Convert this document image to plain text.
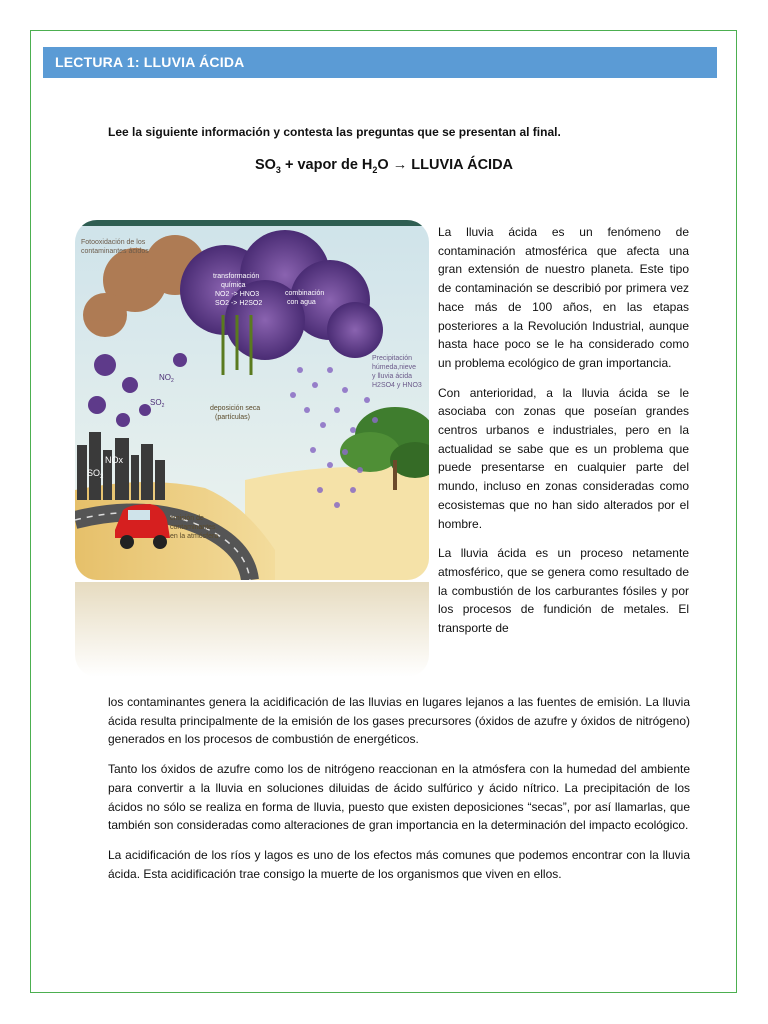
LECTURA 1: LLUVIA ÁCIDA
Lee la siguiente información y contesta las preguntas que se presentan al final.
$SO_3$ + vapor de $H_2O$ → LLUVIA ÁCIDA
Fotooxidación de los
contaminantes ácidos
transformación
química
NO2 -> HNO3
SO2 -> H2SO2
combinación
con agua
Precipitación
húmeda,nieve
y lluvia ácida
H2SO4 y HNO3
deposición seca
(partículas)
emisión de
contaminantes
en la atmósfera
NOx
$SO_2$
$NO_2$
$SO_2$

La lluvia ácida es un fenómeno de contaminación atmosférica que afecta una gran extensión de nuestro planeta. Este tipo de contaminación se describió por primera vez hace más de 100 años, en las etapas posteriores a la Revolución Industrial, aunque hasta hace poco se le ha considerado como un problema ecológico de gran importancia.

Con anterioridad, a la lluvia ácida se le asociaba con zonas que poseían grandes centros urbanos e industriales, pero en la actualidad se sabe que es un problema que puede presentarse en cualquier parte del mundo, incluso en zonas consideradas como ecosistemas que no han sido alterados por el hombre.

La lluvia ácida es un proceso netamente atmosférico, que se genera como resultado de la combustión de los carburantes fósiles y por los procesos de fundición de metales. El transporte de

los contaminantes genera la acidificación de las lluvias en lugares lejanos a las fuentes de emisión. La lluvia ácida resulta principalmente de la emisión de los gases precursores (óxidos de azufre y óxidos de nitrógeno) generados en los procesos de combustión de energéticos.

Tanto los óxidos de azufre como los de nitrógeno reaccionan en la atmósfera con la humedad del ambiente para convertir a la lluvia en soluciones diluidas de ácido sulfúrico y ácido nítrico. La precipitación de los ácidos no sólo se realiza en forma de lluvia, puesto que existen deposiciones “secas”, por así llamarlas, que también son consideradas como alteraciones de gran importancia en la determinación del impacto ecológico.

La acidificación de los ríos y lagos es uno de los efectos más comunes que podemos encontrar con la lluvia ácida. Esta acidificación trae consigo la muerte de los organismos que viven en ellos.
